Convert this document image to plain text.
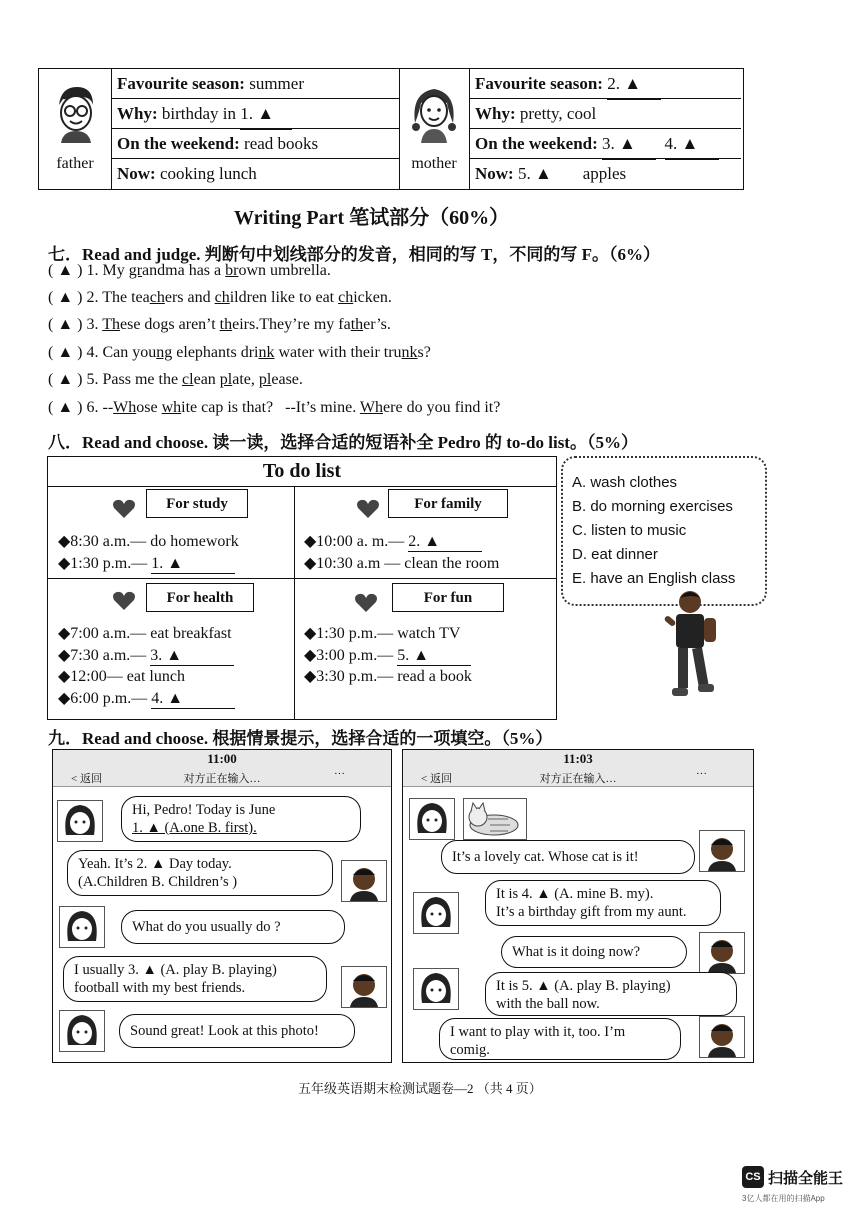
father
Favourite season: summer
Why: birthday in 1. ▲
On the weekend: read books
Now: cooking lunch
mother
Favourite season: 2. ▲
Why: pretty, cool
On the weekend: 3. ▲ 4. ▲
Now: 5. ▲ apples
Writing Part 笔试部分（60%）
七．Read and judge. 判断句中划线部分的发音，相同的写 T，不同的写 F。（6%）
( ▲ ) 1. My grandma has a brown umbrella.
( ▲ ) 2. The teachers and children like to eat chicken.
( ▲ ) 3. These dogs aren’t theirs.They’re my father’s.
( ▲ ) 4. Can young elephants drink water with their trunks?
( ▲ ) 5. Pass me the clean plate, please.
( ▲ ) 6. --Whose white cap is that?   --It’s mine. Where do you find it?
八．Read and choose. 读一读，选择合适的短语补全 Pedro 的 to-do list。（5%）
To do list
For study
◆8:30 a.m.— do homework
◆1:30 p.m.— 1. ▲
For family
◆10:00 a. m.— 2. ▲
◆10:30 a.m — clean the room
For health
◆7:00 a.m.— eat breakfast
◆7:30 a.m.— 3. ▲
◆12:00— eat lunch
◆6:00 p.m.— 4. ▲
For fun
◆1:30 p.m.— watch TV
◆3:00 p.m.— 5. ▲
◆3:30 p.m.— read a book
A. wash clothes
B. do morning exercises
C. listen to music
D. eat dinner
E. have an English class
九．Read and choose. 根据情景提示，选择合适的一项填空。（5%）
11:00
< 返回	对方正在输入…	···
Hi, Pedro! Today is June
1. ▲ (A.one B. first).
Yeah. It’s 2. ▲ Day today.
(A.Children B. Children’s )
What do you usually do ?
I usually 3. ▲ (A. play B. playing)
football with my best friends.
Sound great! Look at this photo!
11:03
< 返回	对方正在输入…	···
It’s a lovely cat. Whose cat is it!
It is 4. ▲ (A. mine B. my).
It’s a birthday gift from my aunt.
What is it doing now?
It is 5. ▲ (A. play B. playing)
with the ball now.
I want to play with it, too. I’m
comig.
五年级英语期末检测试题卷—2 （共 4 页）
CS 扫描全能王
3亿人都在用的扫描App
